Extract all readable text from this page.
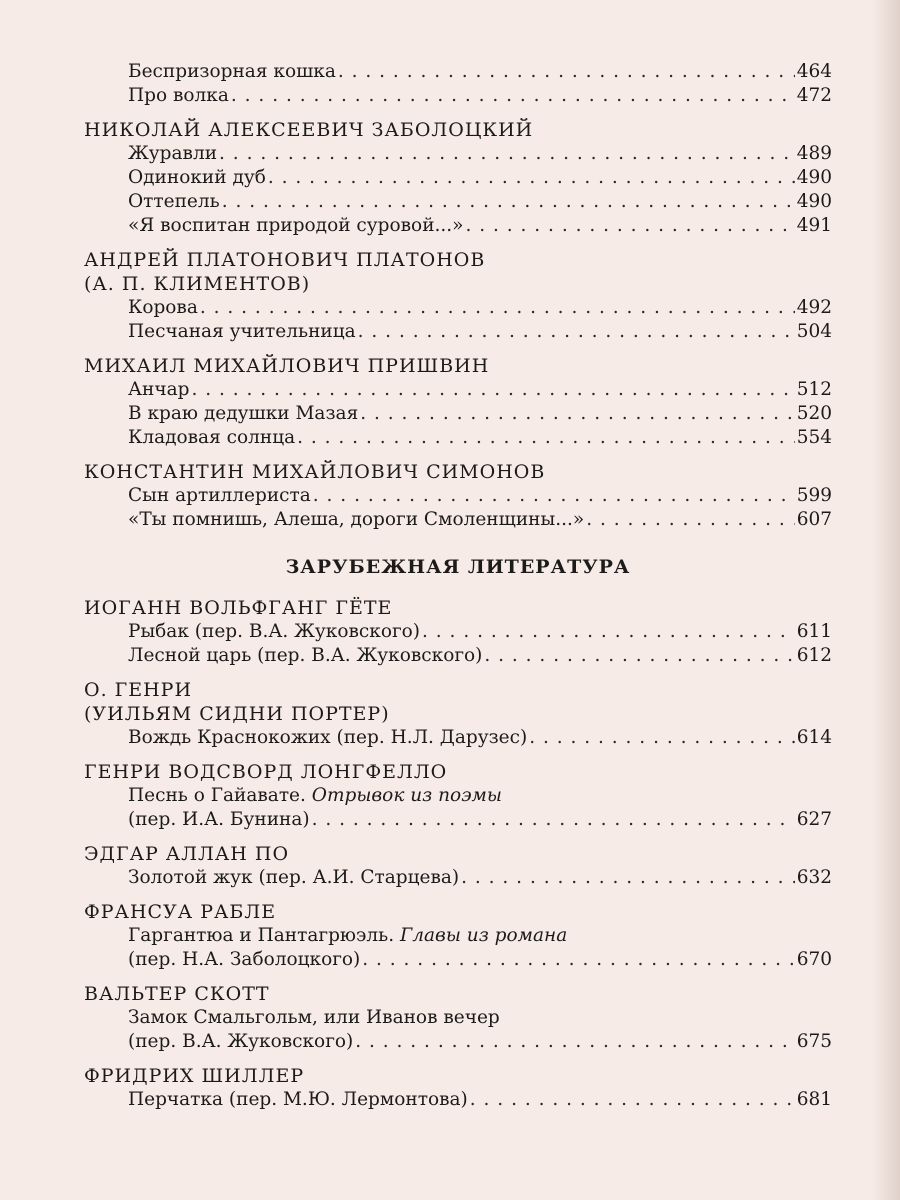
Беспризорная кошка . . .	464
Про волка . . .	472
НИКОЛАЙ АЛЕКСЕЕВИЧ ЗАБОЛОЦКИЙ
Журавли . . .	489
Одинокий дуб . . .	490
Оттепель . . .	490
«Я воспитан природой суровой...» . . .	491
АНДРЕЙ ПЛАТОНОВИЧ ПЛАТОНОВ
(А. П. КЛИМЕНТОВ)
Корова . . .	492
Песчаная учительница . . .	504
МИХАИЛ МИХАЙЛОВИЧ ПРИШВИН
Анчар . . .	512
В краю дедушки Мазая . . .	520
Кладовая солнца . . .	554
КОНСТАНТИН МИХАЙЛОВИЧ СИМОНОВ
Сын артиллериста . . .	599
«Ты помнишь, Алеша, дороги Смоленщины...» . . .	607
ЗАРУБЕЖНАЯ ЛИТЕРАТУРА
ИОГАНН ВОЛЬФГАНГ ГЁТЕ
Рыбак (пер. В.А. Жуковского) . . .	611
Лесной царь (пер. В.А. Жуковского) . . .	612
О. ГЕНРИ
(УИЛЬЯМ СИДНИ ПОРТЕР)
Вождь Краснокожих (пер. Н.Л. Дарузес) . . .	614
ГЕНРИ ВОДСВОРД ЛОНГФЕЛЛО
Песнь о Гайавате. Отрывок из поэмы
(пер. И.А. Бунина) . . .	627
ЭДГАР АЛЛАН ПО
Золотой жук (пер. А.И. Старцева) . . .	632
ФРАНСУА РАБЛЕ
Гаргантюа и Пантагрюэль. Главы из романа
(пер. Н.А. Заболоцкого) . . .	670
ВАЛЬТЕР СКОТТ
Замок Смальгольм, или Иванов вечер
(пер. В.А. Жуковского) . . .	675
ФРИДРИХ ШИЛЛЕР
Перчатка (пер. М.Ю. Лермонтова) . . .	681
